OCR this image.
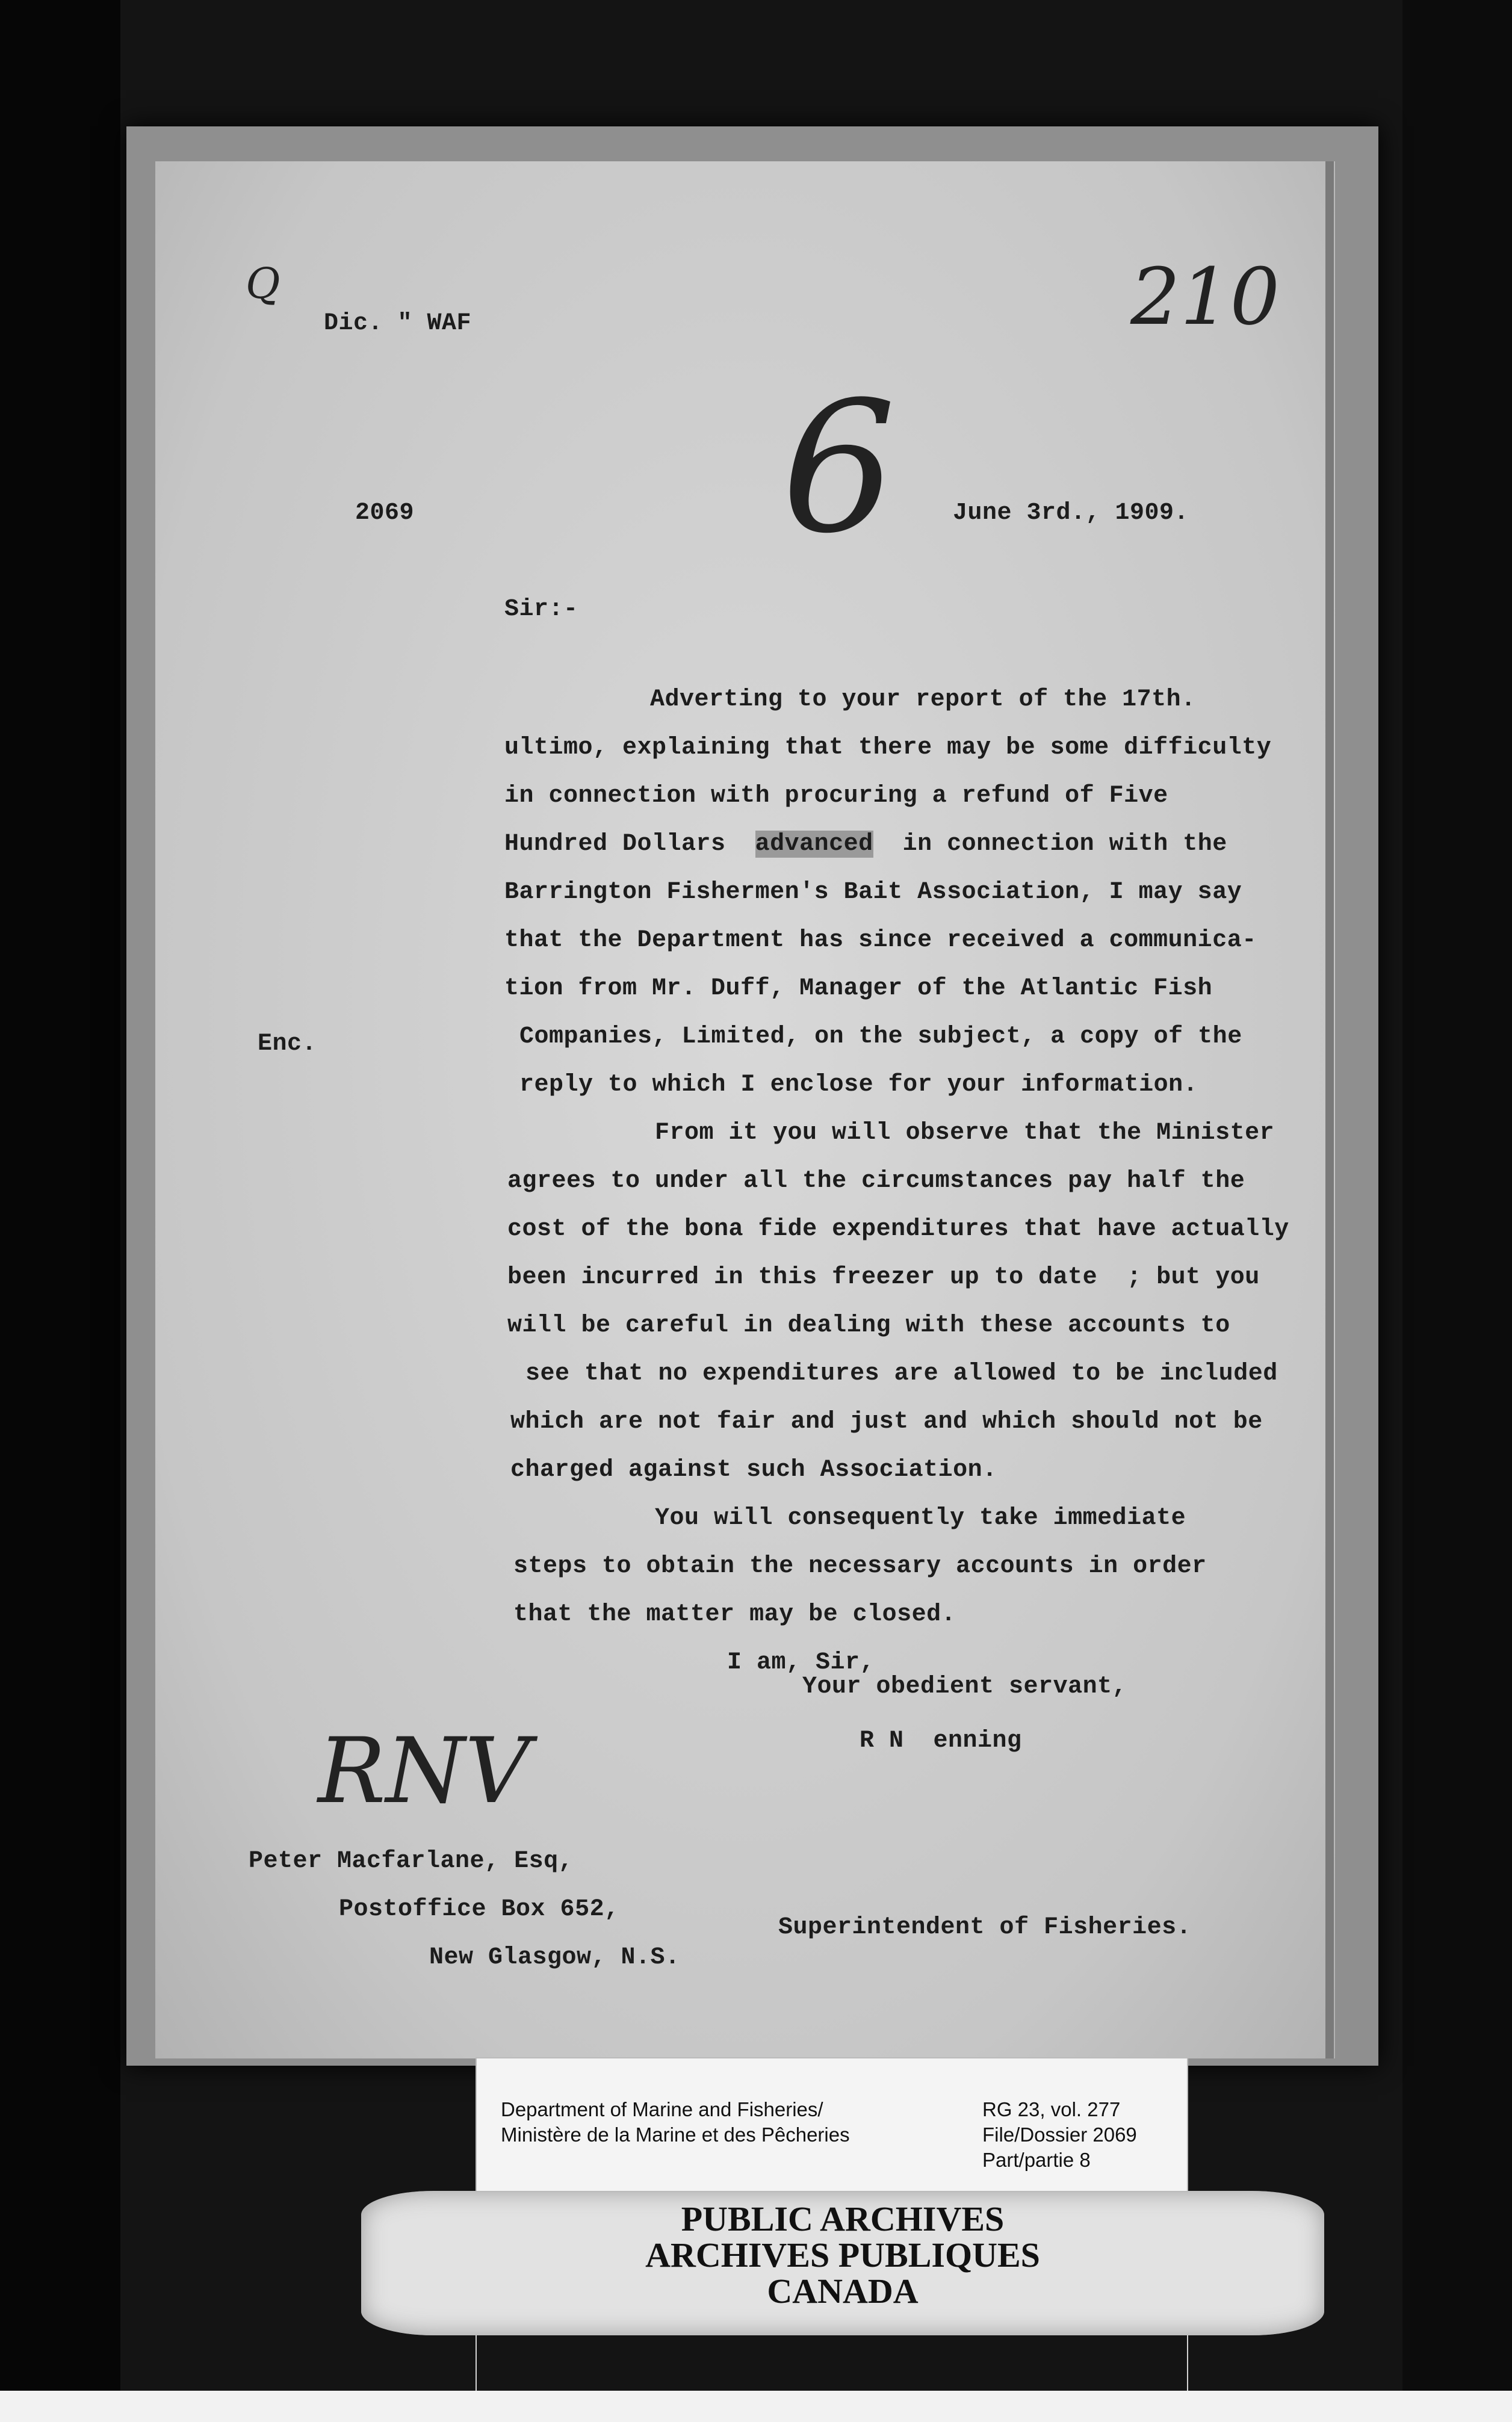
Q

Dic. " WAF	210

6

2069	June 3rd., 1909.

Sir:-

Adverting to your report of the 17th.

ultimo, explaining that there may be some difficulty

in connection with procuring a refund of Five

Hundred Dollars advanced in connection with the

Barrington Fishermen's Bait Association, I may say

that the Department has since received a communica-

tion from Mr. Duff, Manager of the Atlantic Fish

Companies, Limited, on the subject, a copy of the

reply to which I enclose for your information.

Enc.

From it you will observe that the Minister

agrees to under all the circumstances pay half the

cost of the bona fide expenditures that have actually

been incurred in this freezer up to date  ; but you

will be careful in dealing with these accounts to

see that no expenditures are allowed to be included

which are not fair and just and which should not be

charged against such Association.

You will consequently take immediate

steps to obtain the necessary accounts in order

that the matter may be closed.

I am, Sir,

Your obedient servant,

R N  enning

RNV

Peter Macfarlane, Esq,

Postoffice Box 652,

New Glasgow, N.S.

Superintendent of Fisheries.

PUBLIC ARCHIVES

ARCHIVES PUBLIQUES

CANADA

Department of Marine and Fisheries/

Ministère de la Marine et des Pêcheries

RG 23, vol. 277

File/Dossier 2069

Part/partie 8
